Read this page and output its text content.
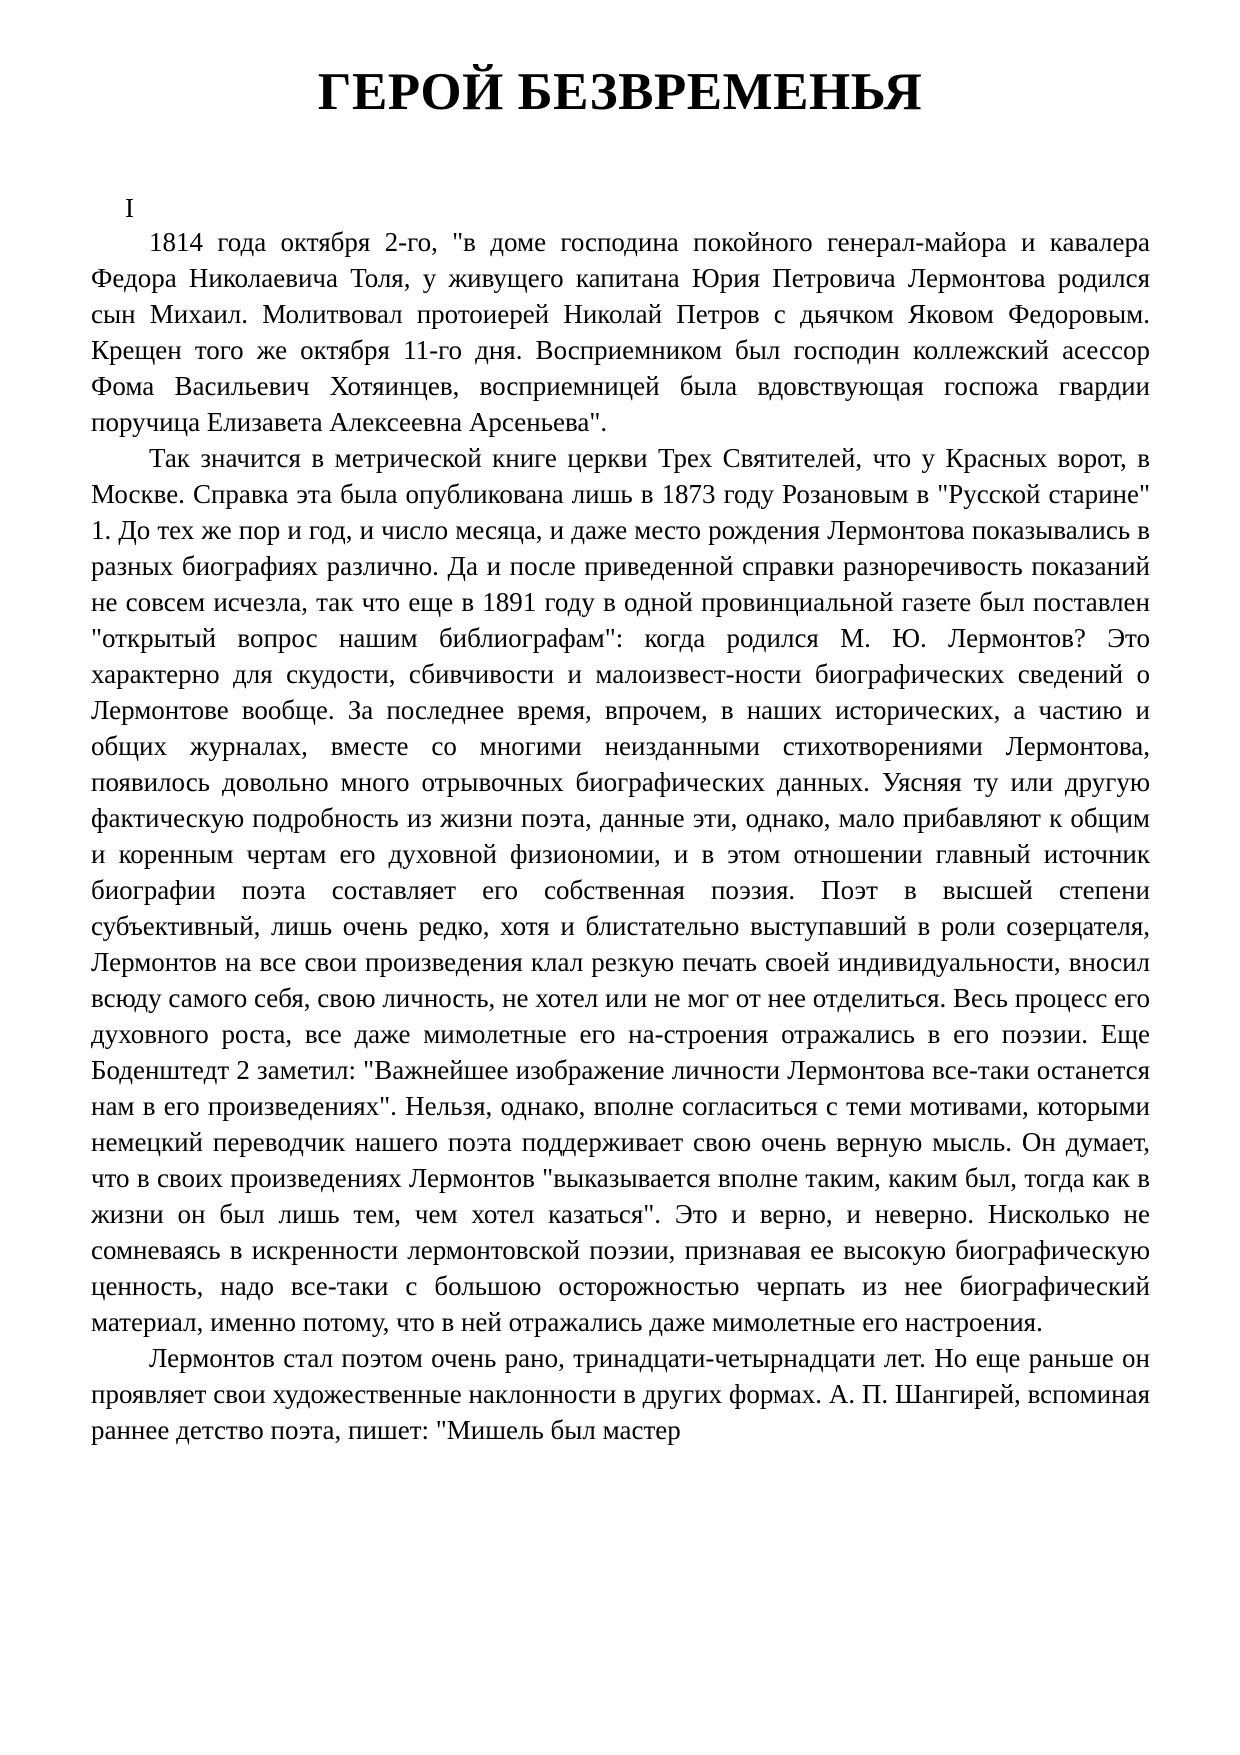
ГЕРОЙ БЕЗВРЕМЕНЬЯ
I

1814 года октября 2-го, "в доме господина покойного генерал-майора и кавалера Федора Николаевича Толя, у живущего капитана Юрия Петровича Лермонтова родился сын Михаил. Молитвовал протоиерей Николай Петров с дьячком Яковом Федоровым. Крещен того же октября 11-го дня. Восприемником был господин коллежский асессор Фома Васильевич Хотяинцев, восприемницей была вдовствующая госпожа гвардии поручица Елизавета Алексеевна Арсеньева".

Так значится в метрической книге церкви Трех Святителей, что у Красных ворот, в Москве. Справка эта была опубликована лишь в 1873 году Розановым в "Русской старине" 1. До тех же пор и год, и число месяца, и даже место рождения Лермонтова показывались в разных биографиях различно. Да и после приведенной справки разноречивость показаний не совсем исчезла, так что еще в 1891 году в одной провинциальной газете был поставлен "открытый вопрос нашим библиографам": когда родился М. Ю. Лермонтов? Это характерно для скудости, сбивчивости и малоизвест-ности биографических сведений о Лермонтове вообще. За последнее время, впрочем, в наших исторических, а частию и общих журналах, вместе со многими неизданными стихотворениями Лермонтова, появилось довольно много отрывочных биографических данных. Уясняя ту или другую фактическую подробность из жизни поэта, данные эти, однако, мало прибавляют к общим и коренным чертам его духовной физиономии, и в этом отношении главный источник биографии поэта составляет его собственная поэзия. Поэт в высшей степени субъективный, лишь очень редко, хотя и блистательно выступавший в роли созерцателя, Лермонтов на все свои произведения клал резкую печать своей индивидуальности, вносил всюду самого себя, свою личность, не хотел или не мог от нее отделиться. Весь процесс его духовного роста, все даже мимолетные его на-строения отражались в его поэзии. Еще Боденштедт 2 заметил: "Важнейшее изображение личности Лермонтова все-таки останется нам в его произведениях". Нельзя, однако, вполне согласиться с теми мотивами, которыми немецкий переводчик нашего поэта поддерживает свою очень верную мысль. Он думает, что в своих произведениях Лермонтов "выказывается вполне таким, каким был, тогда как в жизни он был лишь тем, чем хотел казаться". Это и верно, и неверно. Нисколько не сомневаясь в искренности лермонтовской поэзии, признавая ее высокую биографическую ценность, надо все-таки с большою осторожностью черпать из нее биографический материал, именно потому, что в ней отражались даже мимолетные его настроения.

Лермонтов стал поэтом очень рано, тринадцати-четырнадцати лет. Но еще раньше он проявляет свои художественные наклонности в других формах. А. П. Шангирей, вспоминая раннее детство поэта, пишет: "Мишель был мастер
